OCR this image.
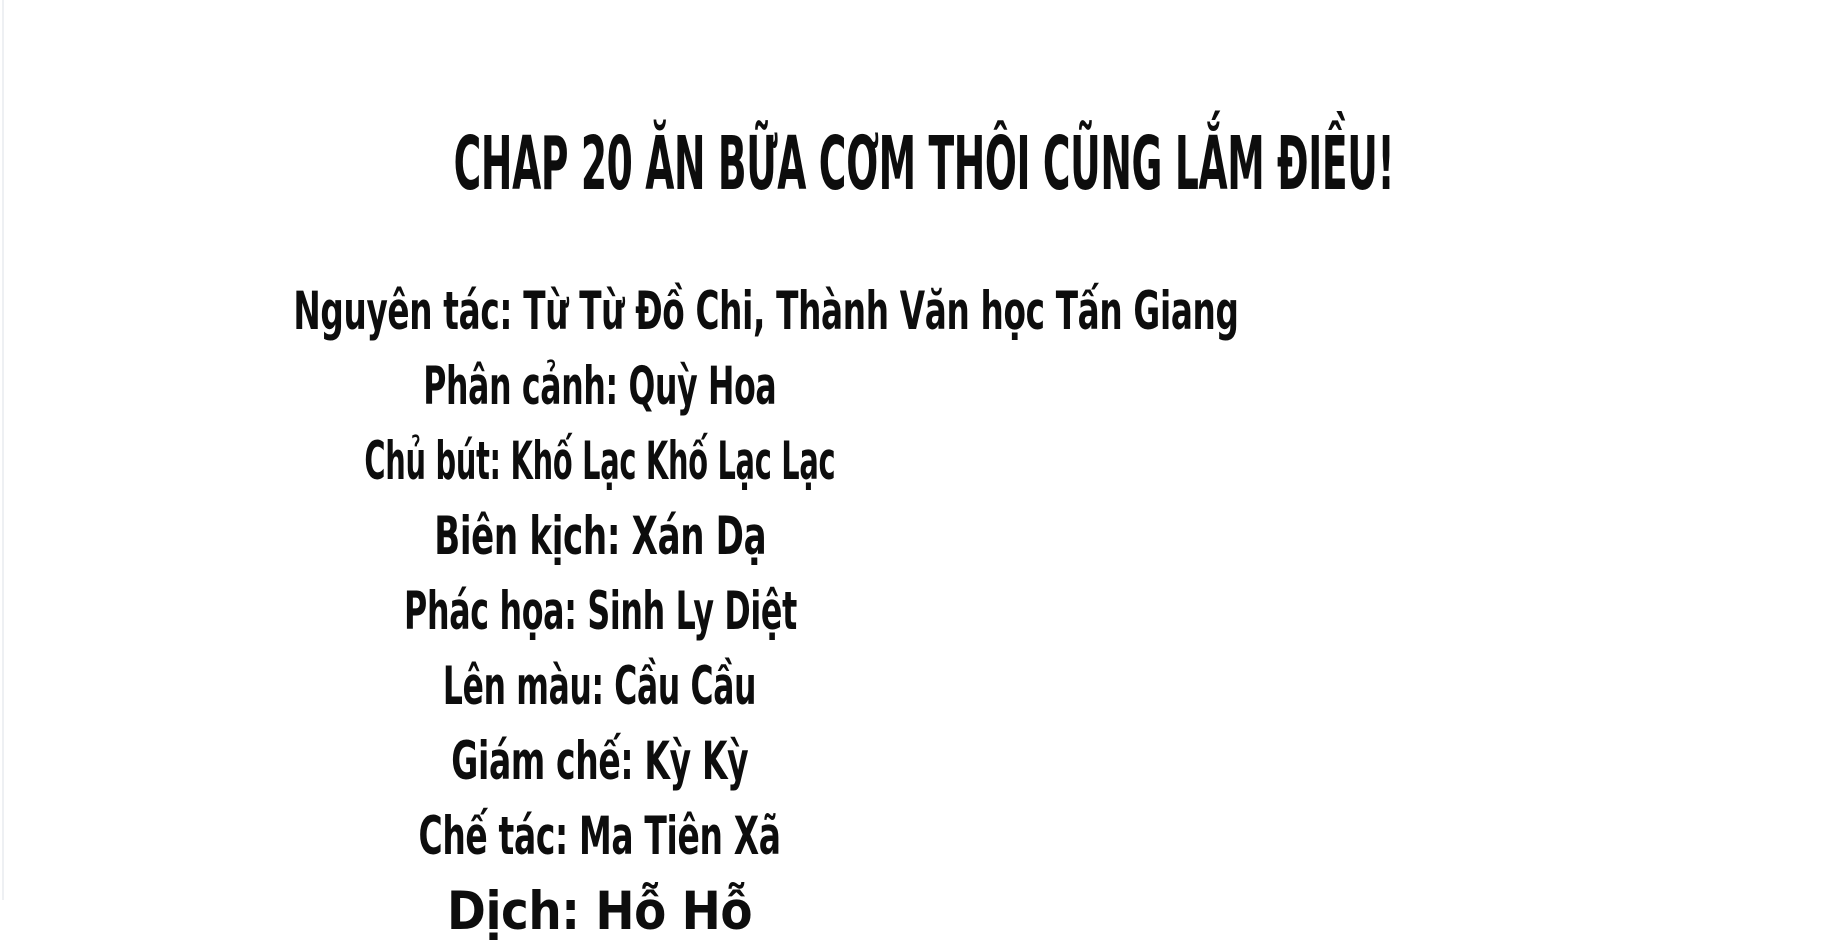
CHAP 20 ĂN BỮA CƠM THÔI CŨNG LẮM ĐIỀU!
Nguyên tác: Từ Từ Đồ Chi, Thành Văn học Tấn Giang
Phân cảnh: Quỳ Hoa
Chủ bút: Khố Lạc Khố Lạc Lạc
Biên kịch: Xán Dạ
Phác họa: Sinh Ly Diệt
Lên màu: Cầu Cầu
Giám chế: Kỳ Kỳ
Chế tác: Ma Tiên Xã
Dịch: Hỗ Hỗ
